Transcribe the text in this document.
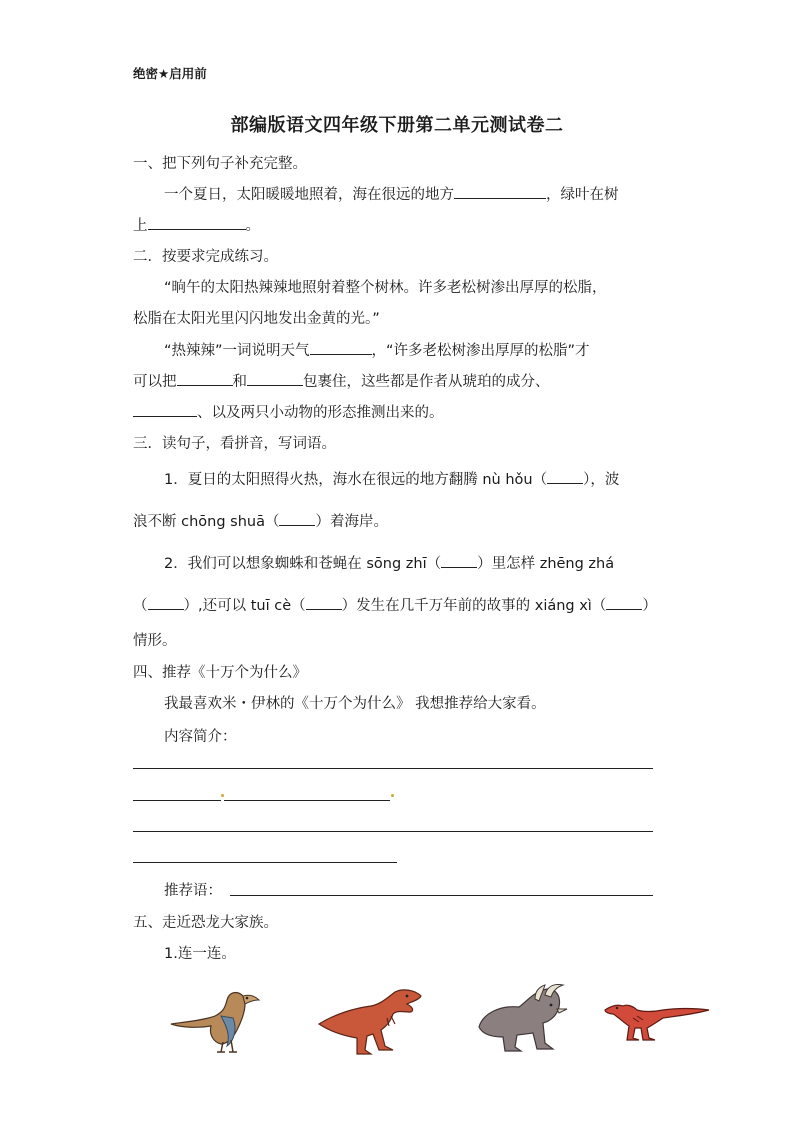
绝密★启用前
部编版语文四年级下册第二单元测试卷二
一、把下列句子补充完整。
一个夏日，太阳暖暖地照着，海在很远的地方	，绿叶在树
上	。
二．按要求完成练习。
“晌午的太阳热辣辣地照射着整个树林。许多老松树渗出厚厚的松脂，
松脂在太阳光里闪闪地发出金黄的光。”
“热辣辣”一词说明天气	，“许多老松树渗出厚厚的松脂”才
可以把	和	包裹住，这些都是作者从琥珀的成分、
、以及两只小动物的形态推测出来的。
三．读句子，看拼音，写词语。
1．夏日的太阳照得火热，海水在很远的地方翻腾 nù hǒu（ ），波
浪不断 chōng shuā（ ）着海岸。
2．我们可以想象蜘蛛和苍蝇在 sōng zhī（ ）里怎样 zhēng zhá
（ ）,还可以 tuī cè（ ）发生在几千万年前的故事的 xiáng xì（ ）
情形。
四、推荐《十万个为什么》
我最喜欢米・伊林的《十万个为什么》 我想推荐给大家看。
内容简介：
推荐语：
五、走近恐龙大家族。
1.连一连。
